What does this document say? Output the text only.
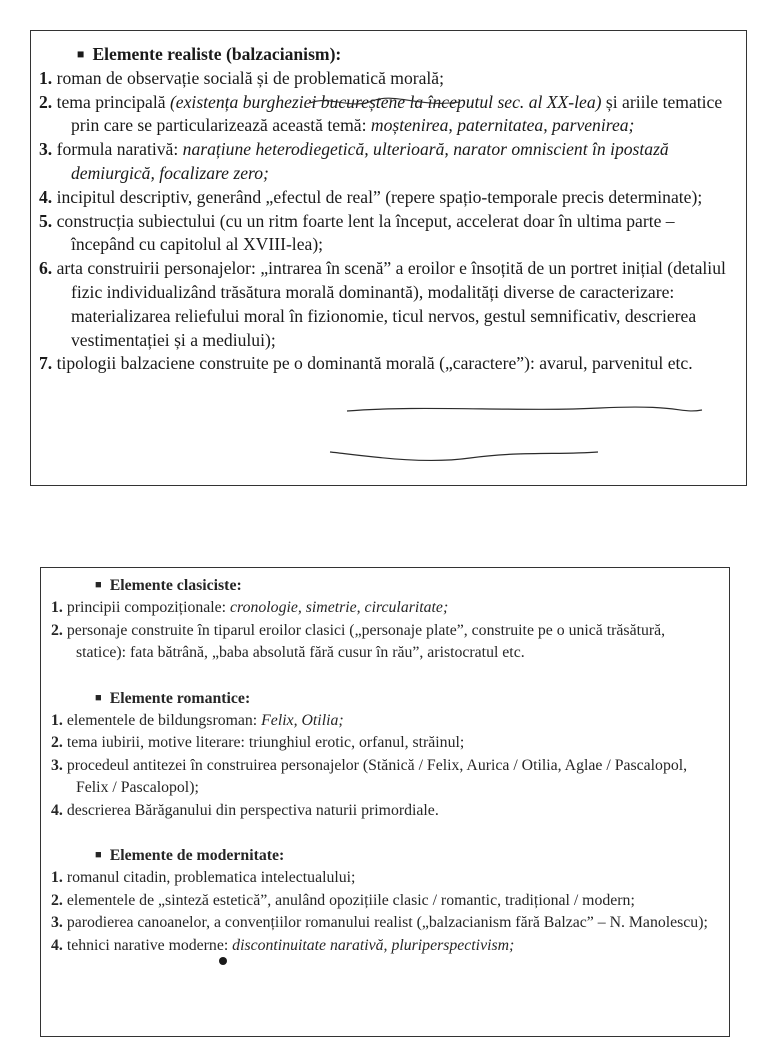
■ Elemente realiste (balzacianism):
1. roman de observație socială și de problematică morală;
2. tema principală (existența burgheziei bucureștene la începutul sec. al XX-lea) și ariile tematice prin care se particularizează această temă: moștenirea, paternitatea, parvenirea;
3. formula narativă: narațiune heterodiegetică, ulterioară, narator omniscient în ipostază demiurgică, focalizare zero;
4. incipitul descriptiv, generând „efectul de real” (repere spațio-temporale precis determinate);
5. construcția subiectului (cu un ritm foarte lent la început, accelerat doar în ultima parte – începând cu capitolul al XVIII-lea);
6. arta construirii personajelor: „intrarea în scenă” a eroilor e însoțită de un portret inițial (detaliul fizic individualizând trăsătura morală dominantă), modalități diverse de caracterizare: materializarea reliefului moral în fizionomie, ticul nervos, gestul semnificativ, descrierea vestimentației și a mediului);
7. tipologii balzaciene construite pe o dominantă morală („caractere”): avarul, parvenitul etc.
■ Elemente clasiciste:
1. principii compoziționale: cronologie, simetrie, circularitate;
2. personaje construite în tiparul eroilor clasici („personaje plate”, construite pe o unică trăsătură, statice): fata bătrână, „baba absolută fără cusur în rău”, aristocratul etc.
■ Elemente romantice:
1. elementele de bildungsroman: Felix, Otilia;
2. tema iubirii, motive literare: triunghiul erotic, orfanul, străinul;
3. procedeul antitezei în construirea personajelor (Stănică / Felix, Aurica / Otilia, Aglae / Pascalopol, Felix / Pascalopol);
4. descrierea Bărăganului din perspectiva naturii primordiale.
■ Elemente de modernitate:
1. romanul citadin, problematica intelectualului;
2. elementele de „sinteză estetică”, anulând opozițiile clasic / romantic, tradițional / modern;
3. parodierea canoanelor, a convențiilor romanului realist („balzacianism fără Balzac” – N. Manolescu);
4. tehnici narative moderne: discontinuitate narativă, pluriperspectivism;
